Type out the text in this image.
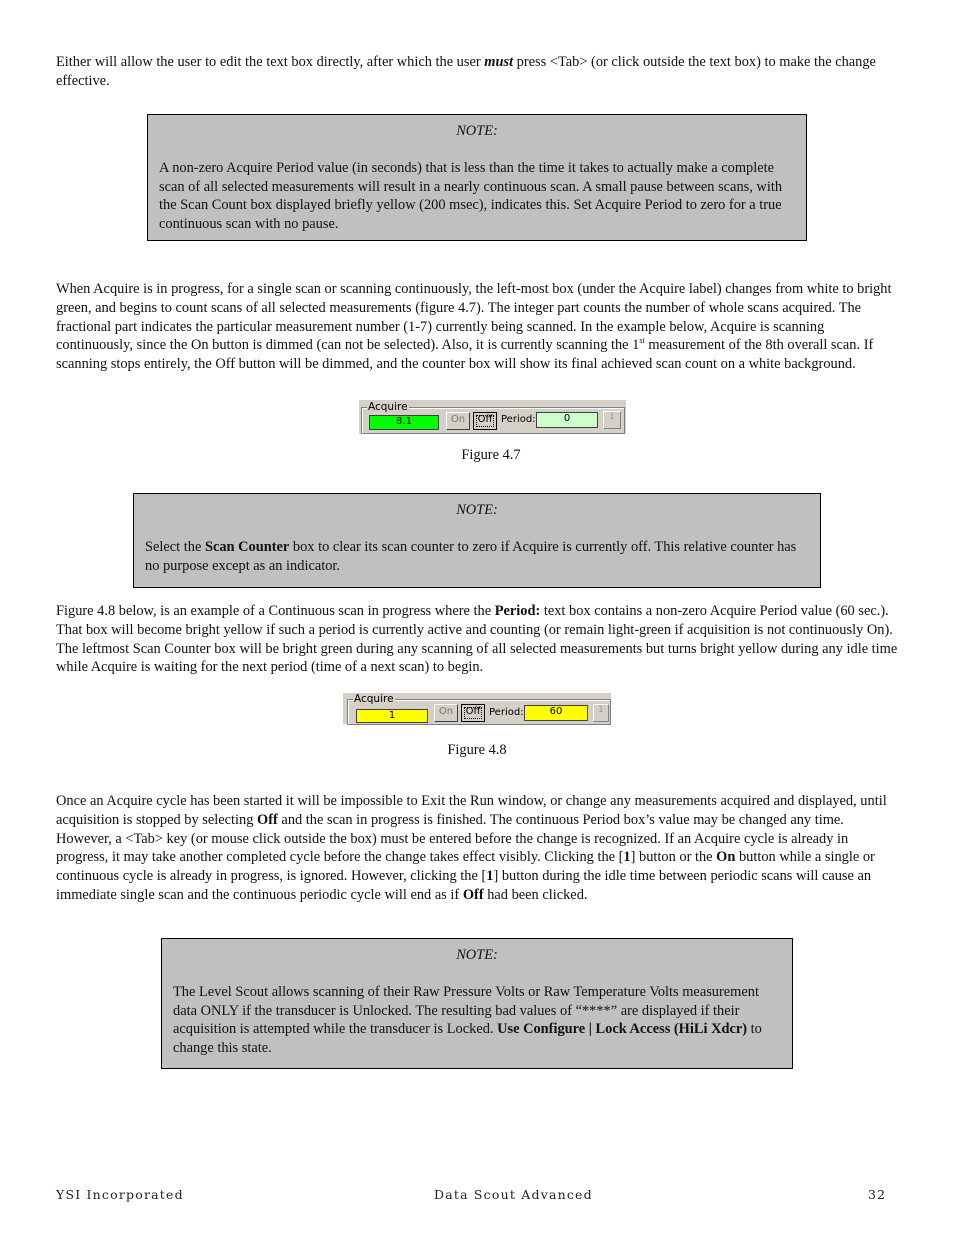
Either will allow the user to edit the text box directly, after which the user must press <Tab> (or click outside the text box) to make the change effective.

NOTE:

A non-zero Acquire Period value (in seconds) that is less than the time it takes to actually make a complete scan of all selected measurements will result in a nearly continuous scan. A small pause between scans, with the Scan Count box displayed briefly yellow (200 msec), indicates this. Set Acquire Period to zero for a true continuous scan with no pause.

When Acquire is in progress, for a single scan or scanning continuously, the left-most box (under the Acquire label) changes from white to bright green, and begins to count scans of all selected measurements (figure 4.7). The integer part counts the number of whole scans acquired. The fractional part indicates the particular measurement number (1-7) currently being scanned. In the example below, Acquire is scanning continuously, since the On button is dimmed (can not be selected). Also, it is currently scanning the 1st measurement of the 8th overall scan. If scanning stops entirely, the Off button will be dimmed, and the counter box will show its final achieved scan count on a white background.

Acquire
8.1	On	Off Period:	0	1
Figure 4.7

NOTE:

Select the Scan Counter box to clear its scan counter to zero if Acquire is currently off. This relative counter has no purpose except as an indicator.

Figure 4.8 below, is an example of a Continuous scan in progress where the Period: text box contains a non-zero Acquire Period value (60 sec.). That box will become bright yellow if such a period is currently active and counting (or remain light-green if acquisition is not continuously On). The leftmost Scan Counter box will be bright green during any scanning of all selected measurements but turns bright yellow during any idle time while Acquire is waiting for the next period (time of a next scan) to begin.

Acquire
1	On	Off Period:	60	1
Figure 4.8

Once an Acquire cycle has been started it will be impossible to Exit the Run window, or change any measurements acquired and displayed, until acquisition is stopped by selecting Off and the scan in progress is finished. The continuous Period box’s value may be changed any time. However, a <Tab> key (or mouse click outside the box) must be entered before the change is recognized. If an Acquire cycle is already in progress, it may take another completed cycle before the change takes effect visibly. Clicking the [1] button or the On button while a single or continuous cycle is already in progress, is ignored. However, clicking the [1] button during the idle time between periodic scans will cause an immediate single scan and the continuous periodic cycle will end as if Off had been clicked.

NOTE:

The Level Scout allows scanning of their Raw Pressure Volts or Raw Temperature Volts measurement data ONLY if the transducer is Unlocked. The resulting bad values of “****” are displayed if their acquisition is attempted while the transducer is Locked. Use Configure | Lock Access (HiLi Xdcr) to change this state.

YSI Incorporated	Data Scout Advanced	32
